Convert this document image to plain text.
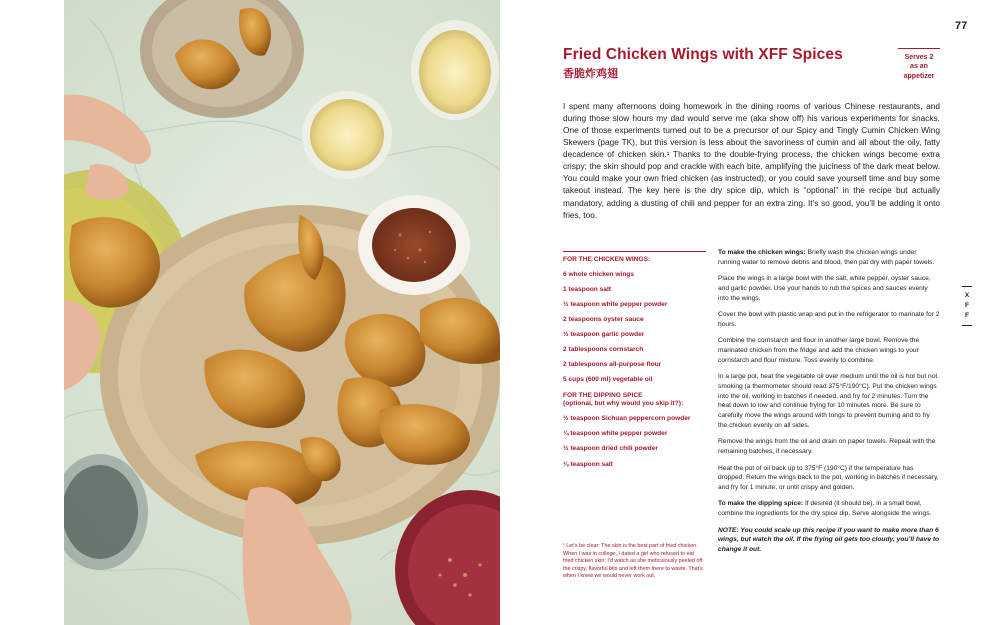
77
Fried Chicken Wings with XFF Spices
香脆炸鸡翅
Serves 2
as an
appetizer

I spent many afternoons doing homework in the dining rooms of various Chinese restaurants, and during those slow hours my dad would serve me (aka show off) his various experiments for snacks. One of those experiments turned out to be a precursor of our Spicy and Tingly Cumin Chicken Wing Skewers (page TK), but this version is less about the savoriness of cumin and all about the oily, fatty decadence of chicken skin.¹ Thanks to the double-frying process, the chicken wings become extra crispy; the skin should pop and crackle with each bite, amplifying the juiciness of the dark meat below. You could make your own fried chicken (as instructed), or you could save yourself time and buy some takeout instead. The key here is the dry spice dip, which is “optional” in the recipe but actually mandatory, adding a dusting of chili and pepper for an extra zing. It’s so good, you’ll be adding it onto fries, too.

FOR THE CHICKEN WINGS:
6 whole chicken wings
1 teaspoon salt
½ teaspoon white pepper powder
2 teaspoons oyster sauce
½ teaspoon garlic powder
2 tablespoons cornstarch
2 tablespoons all-purpose flour
5 cups (600 ml) vegetable oil
FOR THE DIPPING SPICE
(optional, but why would you skip it?):
½ teaspoon Sichuan peppercorn powder
¼ teaspoon white pepper powder
½ teaspoon dried chili powder
⅛ teaspoon salt

To make the chicken wings: Briefly wash the chicken wings under running water to remove debris and blood, then pat dry with paper towels.

Place the wings in a large bowl with the salt, white pepper, oyster sauce, and garlic powder. Use your hands to rub the spices and sauces evenly into the wings.

Cover the bowl with plastic wrap and put in the refrigerator to marinate for 2 hours.

Combine the cornstarch and flour in another large bowl. Remove the marinated chicken from the fridge and add the chicken wings to your cornstarch and flour mixture. Toss evenly to combine.

In a large pot, heat the vegetable oil over medium until the oil is hot but not smoking (a thermometer should read 375°F/190°C). Put the chicken wings into the oil, working in batches if needed, and fry for 2 minutes. Turn the heat down to low and continue frying for 10 minutes more. Be sure to carefully move the wings around with tongs to prevent burning and to fry the chicken evenly on all sides.

Remove the wings from the oil and drain on paper towels. Repeat with the remaining batches, if necessary.

Heat the pot of oil back up to 375°F (190°C) if the temperature has dropped. Return the wings back to the pot, working in batches if necessary, and fry for 1 minute, or until crispy and golden.

To make the dipping spice: If desired (it should be), in a small bowl, combine the ingredients for the dry spice dip. Serve alongside the wings.

NOTE: You could scale up this recipe if you want to make more than 6 wings, but watch the oil. If the frying oil gets too cloudy, you’ll have to change it out.

¹ Let’s be clear: The skin is the best part of fried chicken. When I was in college, I dated a girl who refused to eat fried chicken skin; I’d watch as she meticulously peeled off the crispy, flavorful bits and left them there to waste. That’s when I knew we would never work out.
X
F
F
